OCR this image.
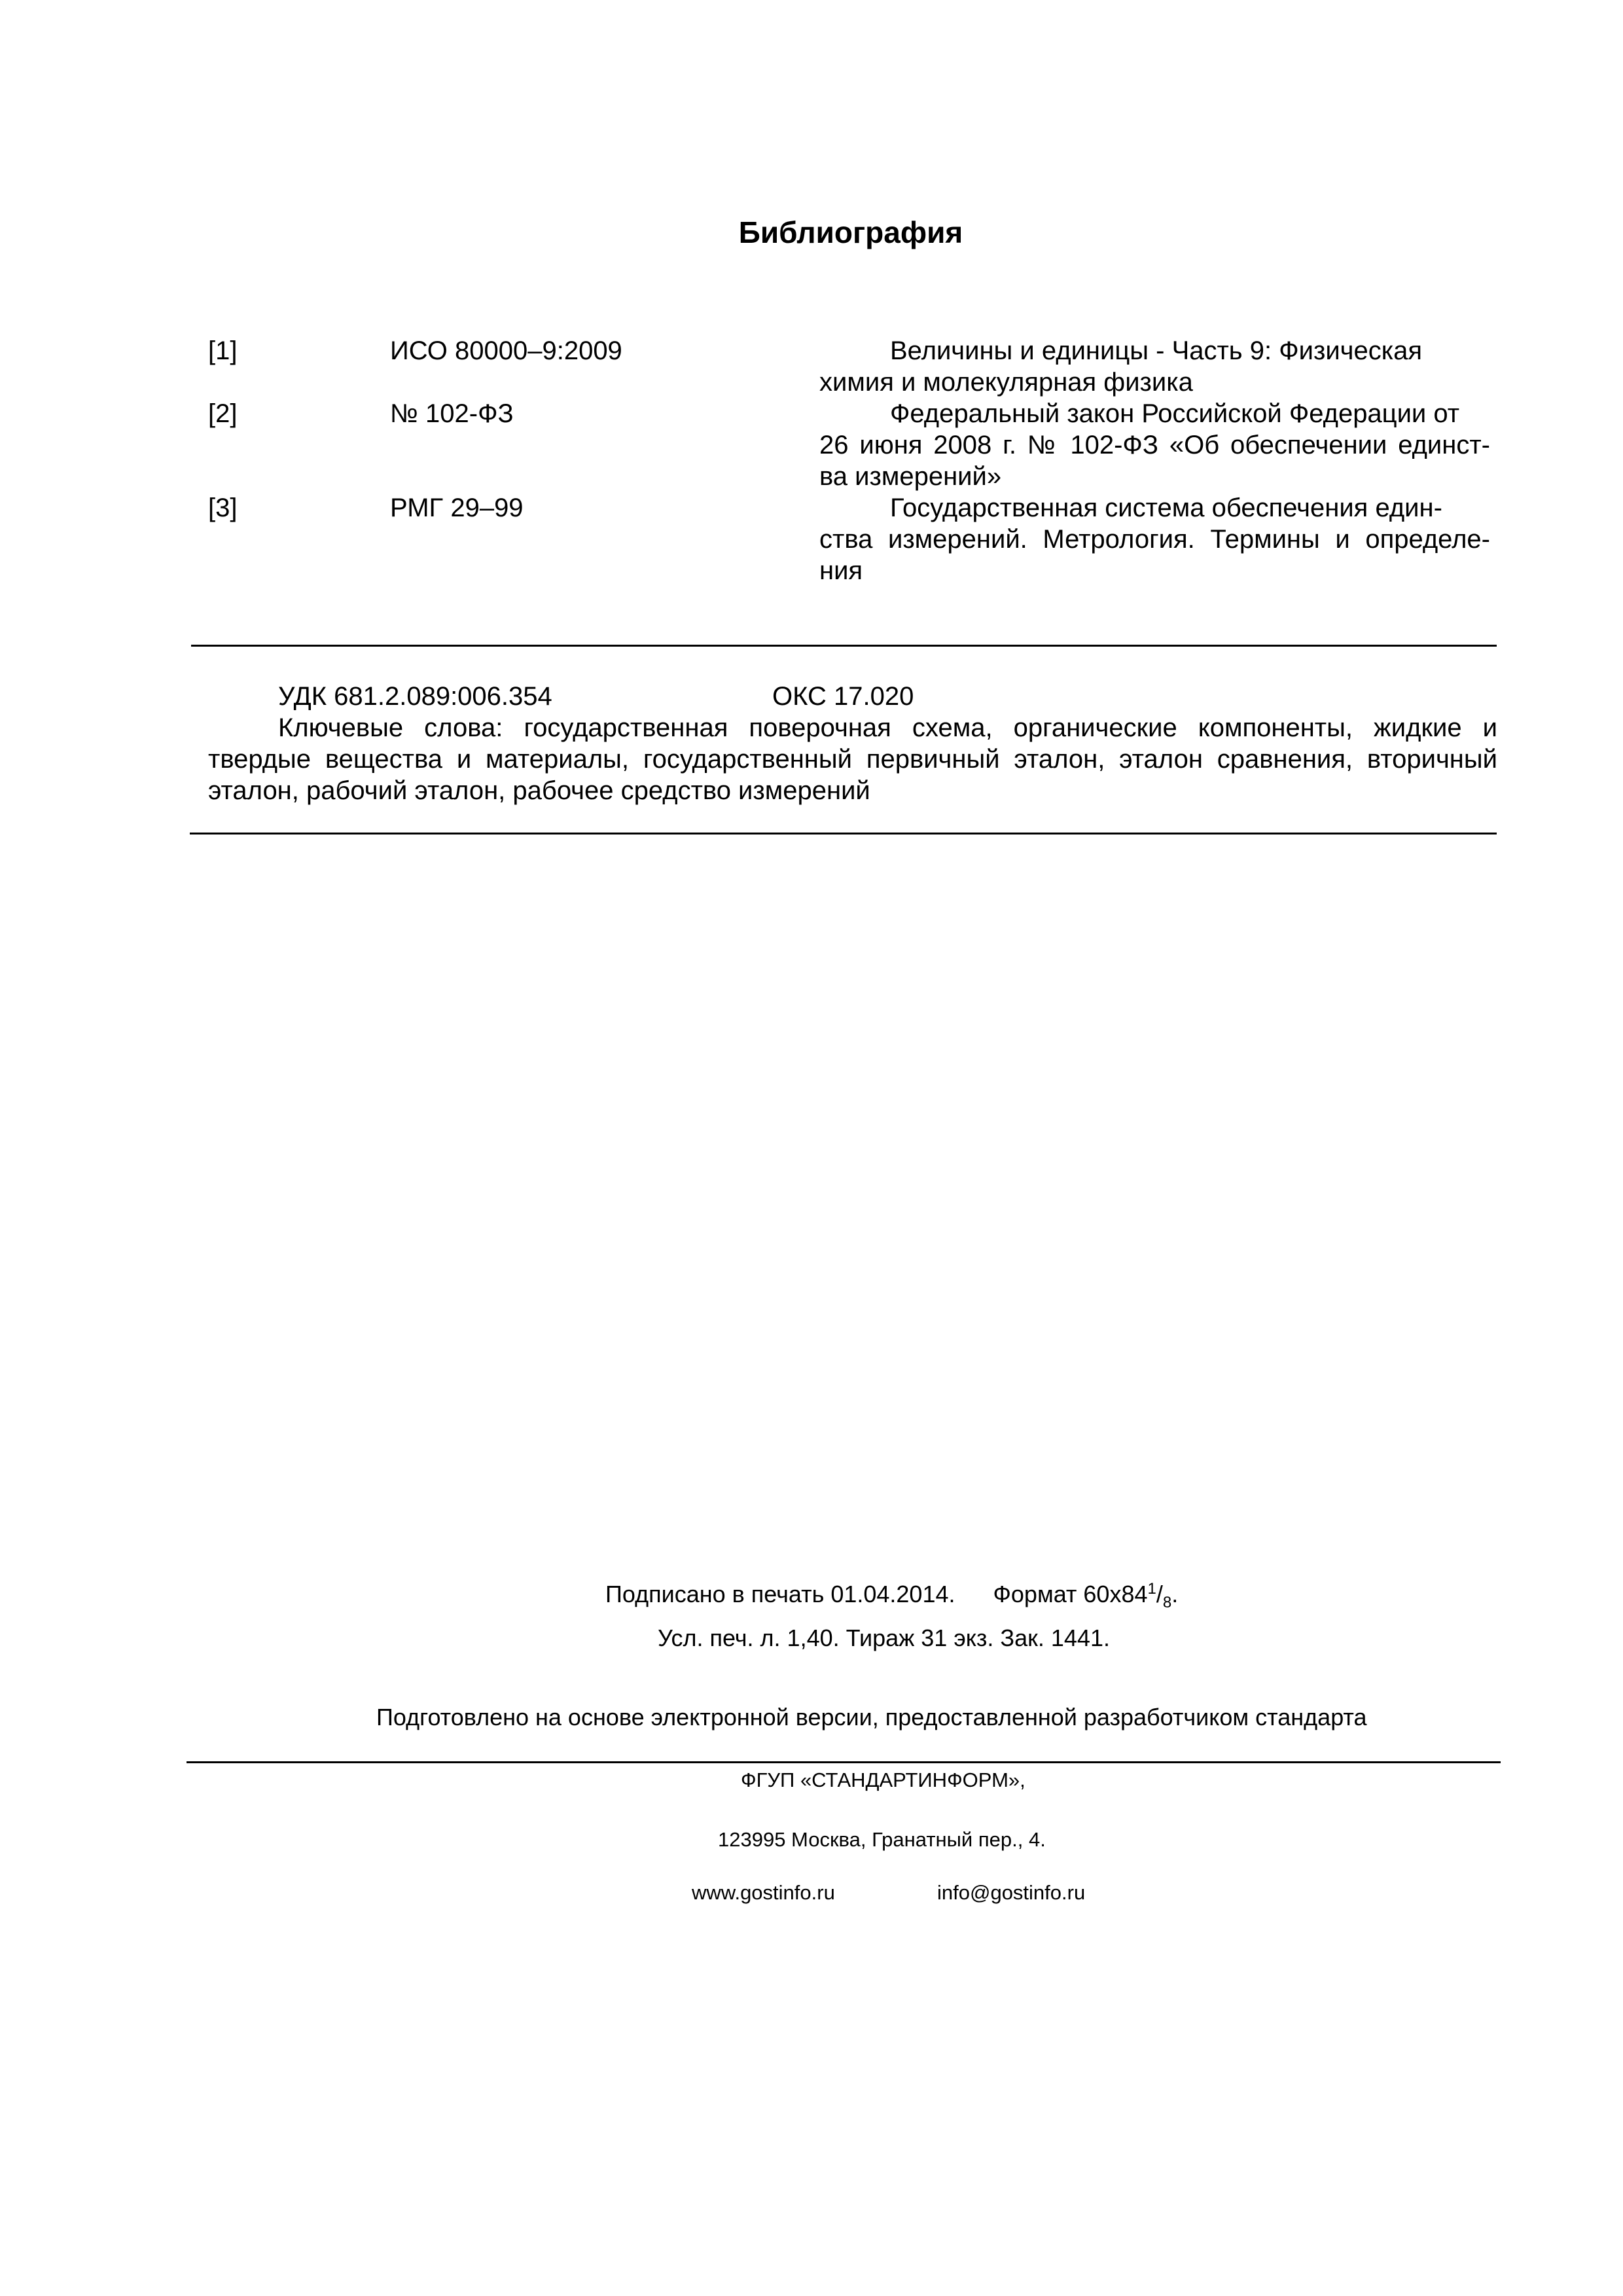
Библиография
[1]	ИСО 80000–9:2009	Величины и единицы - Часть 9: Физическая
химия и молекулярная физика
[2]	№ 102-ФЗ	Федеральный закон Российской Федерации от
26 июня 2008 г. № 102-ФЗ «Об обеспечении единст-
ва измерений»
[3]	РМГ 29–99	Государственная система обеспечения един-
ства измерений. Метрология. Термины и определе-
ния
УДК 681.2.089:006.354	ОКС 17.020
Ключевые слова: государственная поверочная схема, органические компоненты, жидкие и
твердые вещества и материалы, государственный первичный эталон, эталон сравнения, вторичный
эталон, рабочий эталон, рабочее средство измерений
Подписано в печать 01.04.2014. Формат $60x84^1/_8$.
Усл. печ. л. 1,40. Тираж 31 экз. Зак. 1441.
Подготовлено на основе электронной версии, предоставленной разработчиком стандарта
ФГУП «СТАНДАРТИНФОРМ»,
123995 Москва, Гранатный пер., 4.
www.gostinfo.ru	info@gostinfo.ru
